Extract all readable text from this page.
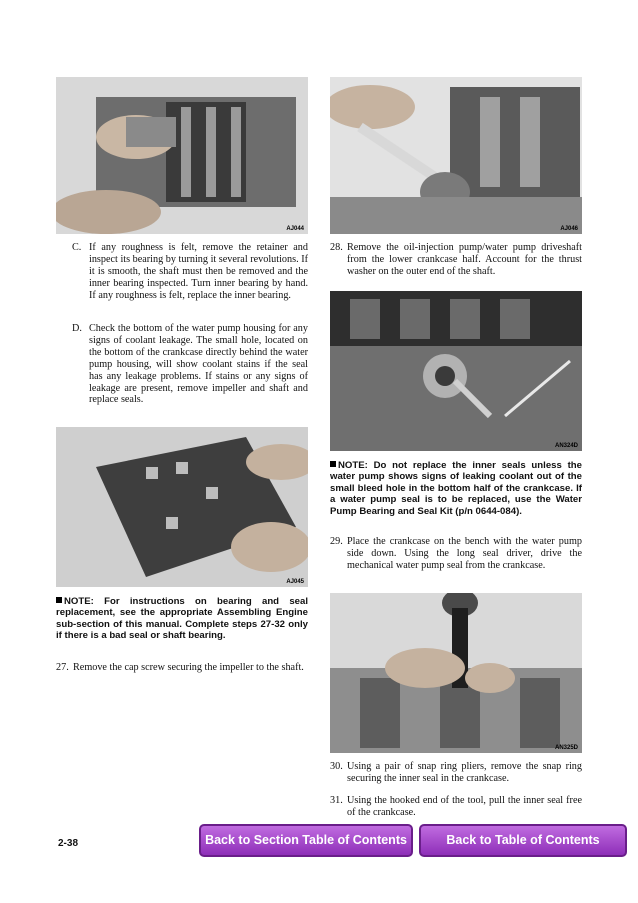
AJ044	AJ046
C. If any roughness is felt, remove the retainer and inspect its bearing by turning it several revolutions. If it is smooth, the shaft must then be removed and the inner bearing inspected. Turn inner bearing by hand. If any roughness is felt, replace the inner bearing.
D. Check the bottom of the water pump housing for any signs of coolant leakage. The small hole, located on the bottom of the crankcase directly behind the water pump housing, will show coolant stains if the seal has any leakage problems. If stains or any signs of leakage are present, remove impeller and shaft and replace seals.
AJ045
NOTE: For instructions on bearing and seal replacement, see the appropriate Assembling Engine sub-section of this manual. Complete steps 27-32 only if there is a bad seal or shaft bearing.
27. Remove the cap screw securing the impeller to the shaft.
28. Remove the oil-injection pump/water pump driveshaft from the lower crankcase half. Account for the thrust washer on the outer end of the shaft.
AN324D
NOTE: Do not replace the inner seals unless the water pump shows signs of leaking coolant out of the small bleed hole in the bottom half of the crankcase. If a water pump seal is to be replaced, use the Water Pump Bearing and Seal Kit (p/n 0644-084).
29. Place the crankcase on the bench with the water pump side down. Using the long seal driver, drive the mechanical water pump seal from the crankcase.
AN325D
30. Using a pair of snap ring pliers, remove the snap ring securing the inner seal in the crankcase.
31. Using the hooked end of the tool, pull the inner seal free of the crankcase.
2-38	Back to Section Table of Contents	Back to Table of Contents
